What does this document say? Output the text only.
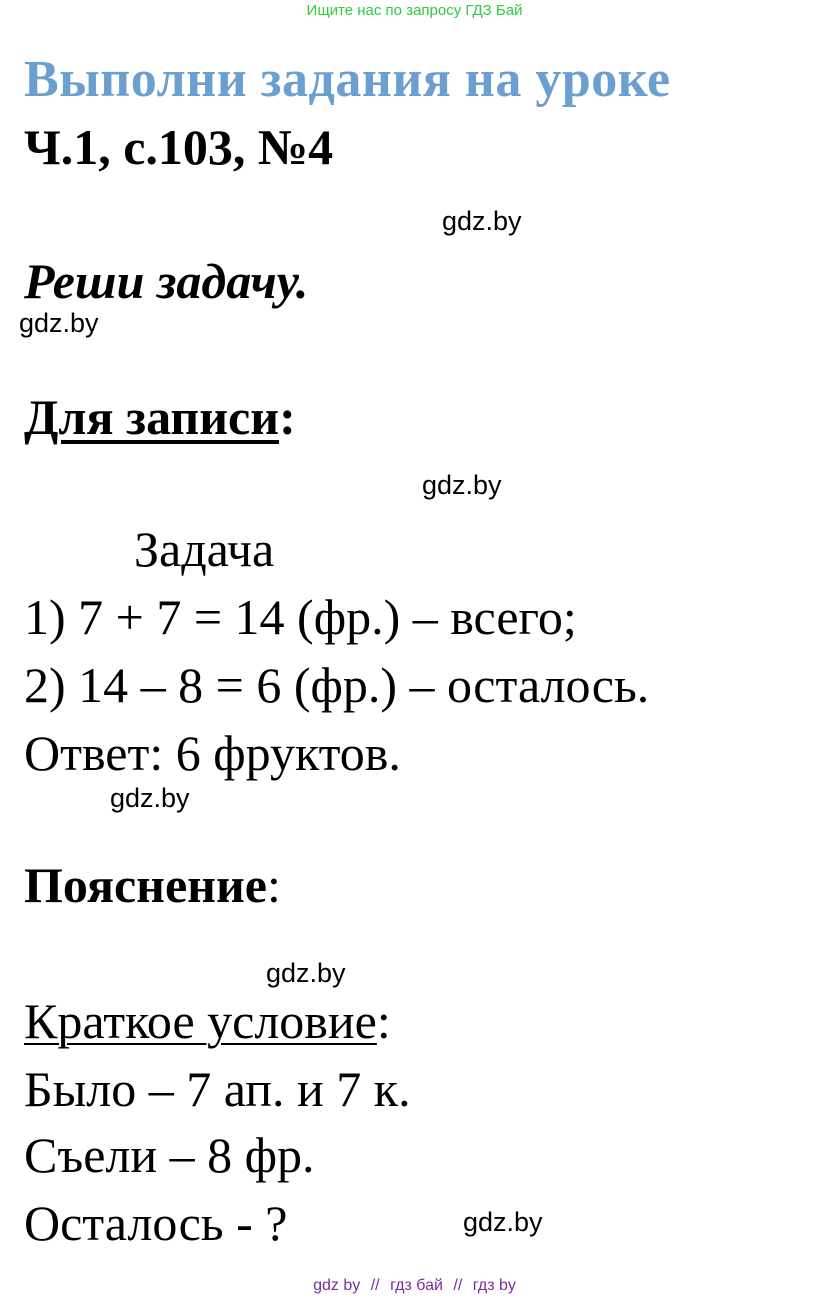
Ищите нас по запросу ГДЗ Бай
Выполни задания на уроке
Ч.1, с.103, №4
gdz.by
Реши задачу.
gdz.by
Для записи:
gdz.by
Задача
1) 7 + 7 = 14 (фр.) – всего;
2) 14 – 8 = 6 (фр.) – осталось.
Ответ: 6 фруктов.
gdz.by
Пояснение:
gdz.by
Краткое условие:
Было – 7 ап. и 7 к.
Съели – 8 фр.
Осталось - ?	gdz.by
gdz by // гдз бай // гдз by
